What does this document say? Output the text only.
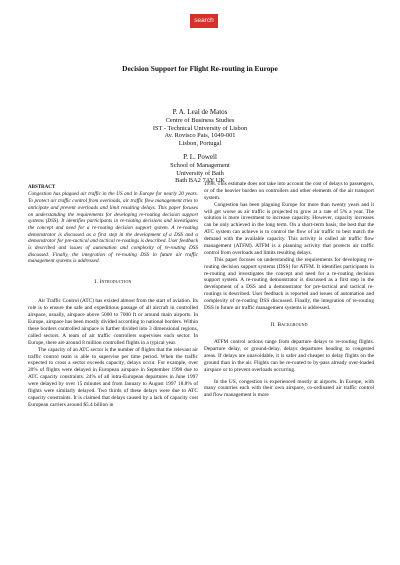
search
Decision Support for Flight Re-routing in Europe
P. A. Leal de Matos
Centre of Business Studies
IST - Technical University of Lisbon
Av. Rovisco Pais, 1049-001
Lisbon, Portugal
P. L. Powell
School of Management
University of Bath
Bath BA2 7AY UK

ABSTRACT
Congestion has plagued air traffic in the US and in Europe for nearly 20 years. To protect air traffic control from overloads, air traffic flow management tries to anticipate and prevent overloads and limit resulting delays. This paper focuses on understanding the requirements for developing re-routing decision support systems (DSS). It identifies participants in re-routing decisions and investigates the concept and need for a re-routing decision support system. A re-routing demonstrator is discussed as a first step in the development of a DSS and a demonstrator for pre-tactical and tactical re-routings is described. User feedback is described and issues of automation and complexity of re-routing DSS discussed. Finally, the integration of re-routing DSS in future air traffic management systems is addressed.

I. Introduction

Air Traffic Control (ATC) has existed almost from the start of aviation. Its role is to ensure the safe and expeditious passage of all aircraft in controlled airspace, usually, airspace above 5000 to 7000 ft or around main airports. In Europe, airspace has been mostly divided according to national borders. Within these borders controlled airspace is further divided into 3 dimensional regions, called sectors. A team of air traffic controllers supervises each sector. In Europe, there are around 8 million controlled flights in a typical year.

The capacity of an ATC sector is the number of flights that the relevant air traffic control team is able to supervise per time period. When the traffic expected to cross a sector exceeds capacity, delays occur. For example, over 20% of flights were delayed in European airspace in September 1998 due to ATC capacity constraints. 24% of all intra-European departures in June 1997 were delayed by over 15 minutes and from January to August 1997 18.8% of flights were similarly delayed. Two thirds of these delays were due to ATC capacity constraints. It is claimed that delays caused by a lack of capacity cost European carriers around $5.4 billion in

1998. This estimate does not take into account the cost of delays to passengers, or of the heavier burden on controllers and other elements of the air transport system.

Congestion has been plaguing Europe for more than twenty years and it will get worse as air traffic is projected to grow at a rate of 5% a year. The solution is more investment to increase capacity. However, capacity increases can be only achieved in the long term. On a short-term basis, the best that the ATC system can achieve is to control the flow of air traffic to best match the demand with the available capacity. This activity is called air traffic flow management (ATFM). ATFM is a planning activity that protects air traffic control from overloads and limits resulting delays.

This paper focuses on understanding the requirements for developing re-routing decision support systems (DSS) for ATFM. It identifies participants in re-routing and investigates the concept and need for a re-routing decision support system. A re-routing demonstrator is discussed as a first step in the development of a DSS and a demonstrator for pre-tactical and tactical re-routings is described. User feedback is reported and issues of automation and complexity of re-routing DSS discussed. Finally, the integration of re-routing DSS in future air traffic management systems is addressed.

II. Background

ATFM control actions range from departure delays to re-routing flights. Departure delay, or ground-delay, delays departures heading to congested areas. If delays are unavoidable, it is safer and cheaper to delay flights on the ground than in the air. Flights can be re-routed to by-pass already over-loaded airspace or to prevent overloads occurring.

In the US, congestion is experienced mostly at airports. In Europe, with many countries each with their own airspace, co-ordinated air traffic control and flow management is more
